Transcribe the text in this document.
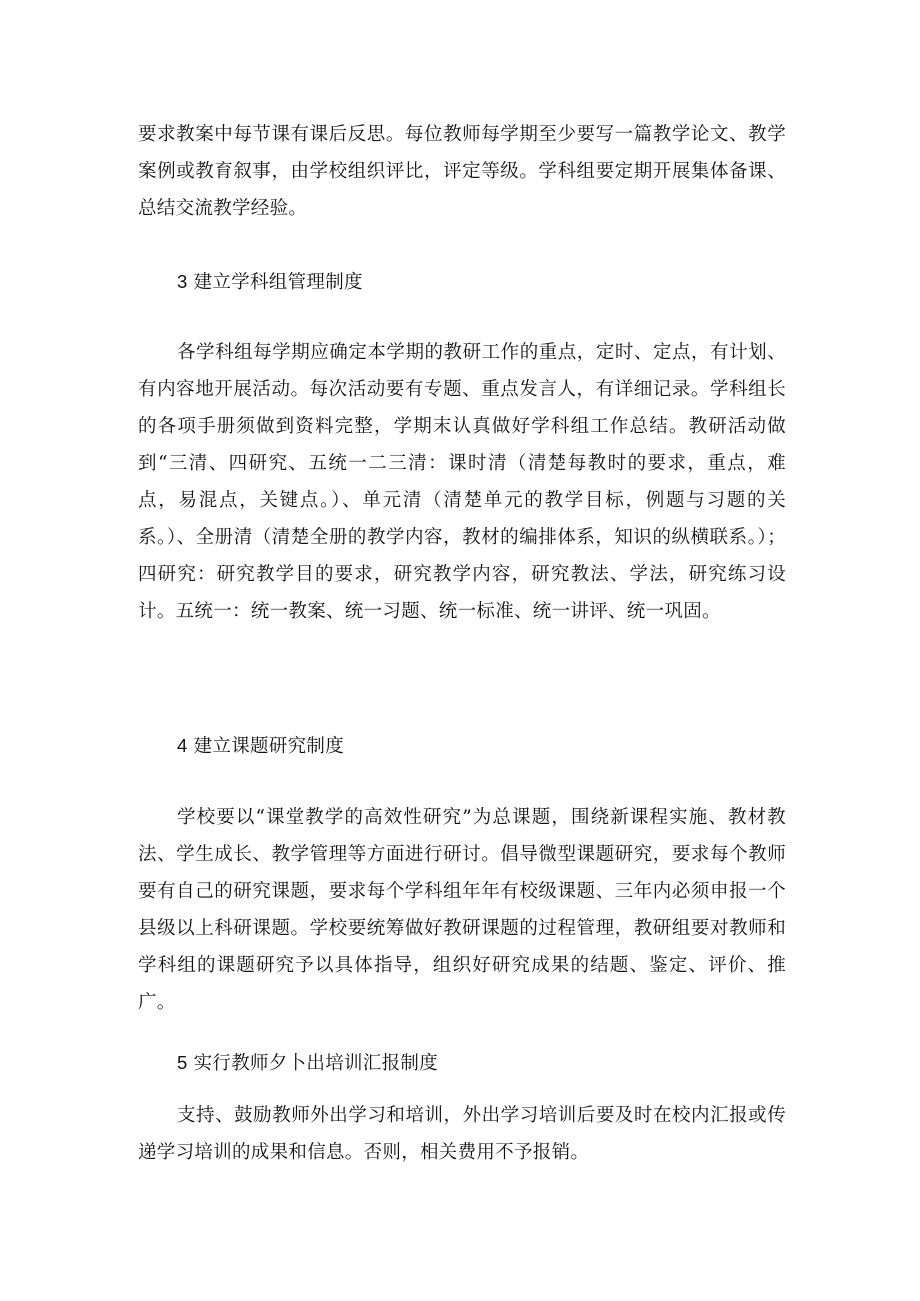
要求教案中每节课有课后反思。每位教师每学期至少要写一篇教学论文、教学案例或教育叙事，由学校组织评比，评定等级。学科组要定期开展集体备课、总结交流教学经验。

3 建立学科组管理制度

各学科组每学期应确定本学期的教研工作的重点，定时、定点，有计划、有内容地开展活动。每次活动要有专题、重点发言人，有详细记录。学科组长的各项手册须做到资料完整，学期末认真做好学科组工作总结。教研活动做到“三清、四研究、五统一二三清：课时清（清楚每教时的要求，重点，难点，易混点，关键点。）、单元清（清楚单元的教学目标，例题与习题的关系。）、全册清（清楚全册的教学内容，教材的编排体系，知识的纵横联系。）；四研究：研究教学目的要求，研究教学内容，研究教法、学法，研究练习设计。五统一：统一教案、统一习题、统一标准、统一讲评、统一巩固。

4 建立课题研究制度

学校要以“课堂教学的高效性研究”为总课题，围绕新课程实施、教材教法、学生成长、教学管理等方面进行研讨。倡导微型课题研究，要求每个教师要有自己的研究课题，要求每个学科组年年有校级课题、三年内必须申报一个县级以上科研课题。学校要统筹做好教研课题的过程管理，教研组要对教师和学科组的课题研究予以具体指导，组织好研究成果的结题、鉴定、评价、推广。

5 实行教师夕卜出培训汇报制度

支持、鼓励教师外出学习和培训，外出学习培训后要及时在校内汇报或传递学习培训的成果和信息。否则，相关费用不予报销。
